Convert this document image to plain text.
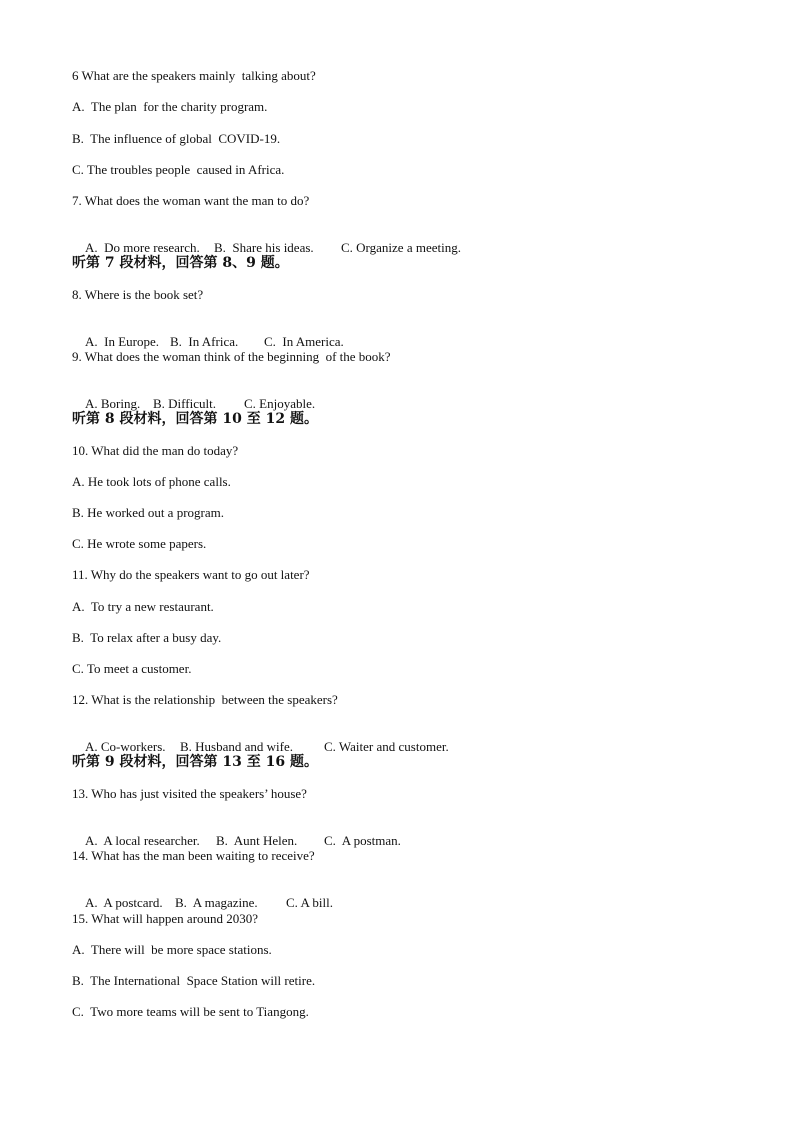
6 What are the speakers mainly  talking about?
A.  The plan  for the charity program.
B.  The influence of global  COVID-19.
C. The troubles people  caused in Africa.
7. What does the woman want the man to do?

A.  Do more research. B.  Share his ideas. C. Organize a meeting.

听第 7 段材料，回答第 8、9 题。
8. Where is the book set?

A.  In Europe. B.  In Africa. C.  In America.

9. What does the woman think of the beginning  of the book?

A. Boring. B. Difficult. C. Enjoyable.

听第 8 段材料，回答第 10 至 12 题。
10. What did the man do today?
A. He took lots of phone calls.
B. He worked out a program.
C. He wrote some papers.
11. Why do the speakers want to go out later?
A.  To try a new restaurant.
B.  To relax after a busy day.
C. To meet a customer.
12. What is the relationship  between the speakers?

A. Co-workers. B. Husband and wife. C. Waiter and customer.

听第 9 段材料，回答第 13 至 16 题。
13. Who has just visited the speakers’ house?

A.  A local researcher. B.  Aunt Helen. C.  A postman.

14. What has the man been waiting to receive?

A.  A postcard. B.  A magazine. C. A bill.

15. What will happen around 2030?
A.  There will  be more space stations.
B.  The International  Space Station will retire.
C.  Two more teams will be sent to Tiangong.
